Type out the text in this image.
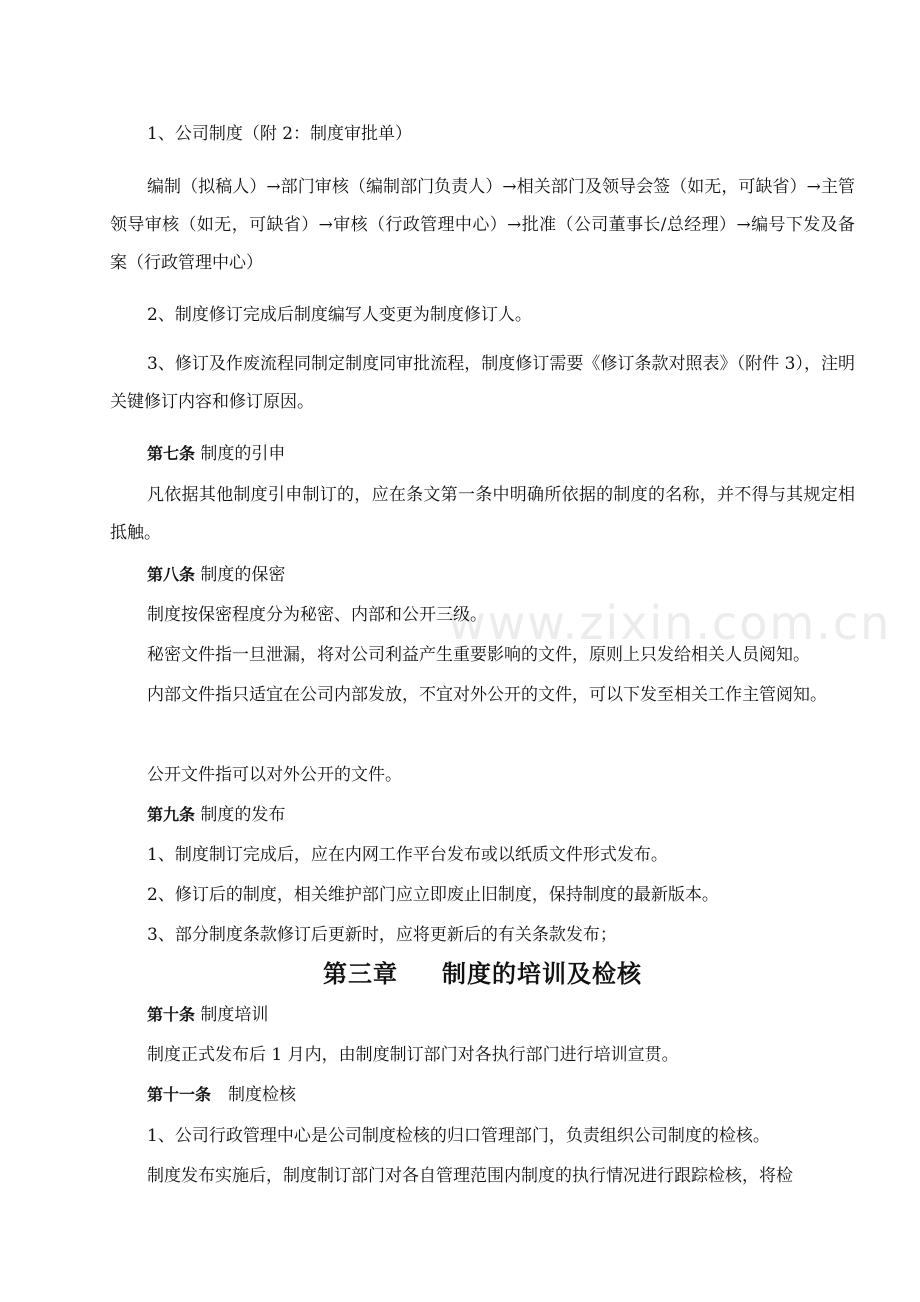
www.zixin.com.cn

1、公司制度（附 2：制度审批单）

编制（拟稿人）→部门审核（编制部门负责人）→相关部门及领导会签（如无，可缺省）→主管领导审核（如无，可缺省）→审核（行政管理中心）→批准（公司董事长/总经理）→编号下发及备案（行政管理中心）

2、制度修订完成后制度编写人变更为制度修订人。

3、修订及作废流程同制定制度同审批流程，制度修订需要《修订条款对照表》（附件 3），注明关键修订内容和修订原因。

第七条 制度的引申

凡依据其他制度引申制订的，应在条文第一条中明确所依据的制度的名称，并不得与其规定相抵触。

第八条 制度的保密

制度按保密程度分为秘密、内部和公开三级。

秘密文件指一旦泄漏，将对公司利益产生重要影响的文件，原则上只发给相关人员阅知。

内部文件指只适宜在公司内部发放，不宜对外公开的文件，可以下发至相关工作主管阅知。

公开文件指可以对外公开的文件。

第九条 制度的发布

1、制度制订完成后，应在内网工作平台发布或以纸质文件形式发布。

2、修订后的制度，相关维护部门应立即废止旧制度，保持制度的最新版本。

3、部分制度条款修订后更新时，应将更新后的有关条款发布；

第三章 制度的培训及检核

第十条 制度培训

制度正式发布后 1 月内，由制度制订部门对各执行部门进行培训宣贯。

第十一条　制度检核

1、公司行政管理中心是公司制度检核的归口管理部门，负责组织公司制度的检核。

制度发布实施后，制度制订部门对各自管理范围内制度的执行情况进行跟踪检核，将检
